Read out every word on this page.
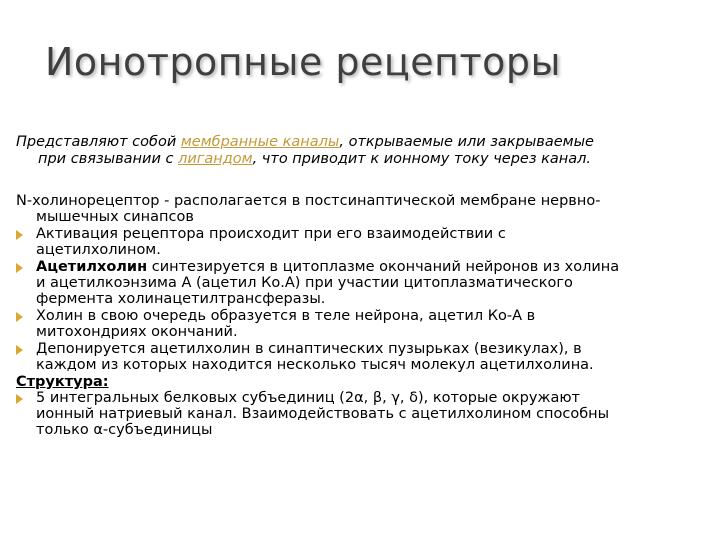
Ионотропные рецепторы
Представляют собой мембранные каналы, открываемые или закрываемые
при связывании с лигандом, что приводит к ионному току через канал.
N-холинорецептор - располагается в постсинаптической мембране нервно-
мышечных синапсов
Активация рецептора происходит при его взаимодействии с
ацетилхолином.
Ацетилхолин синтезируется в цитоплазме окончаний нейронов из холина
и ацетилкоэнзима А (ацетил Ко.А) при участии цитоплазматического
фермента холинацетилтрансферазы.
Холин в свою очередь образуется в теле нейрона, ацетил Ко-А в
митохондриях окончаний.
Депонируется ацетилхолин в синаптических пузырьках (везикулах), в
каждом из которых находится несколько тысяч молекул ацетилхолина.
Структура:
5 интегральных белковых субъединиц (2α, β, γ, δ), которые окружают
ионный натриевый канал. Взаимодействовать с ацетилхолином способны
только α-субъединицы
